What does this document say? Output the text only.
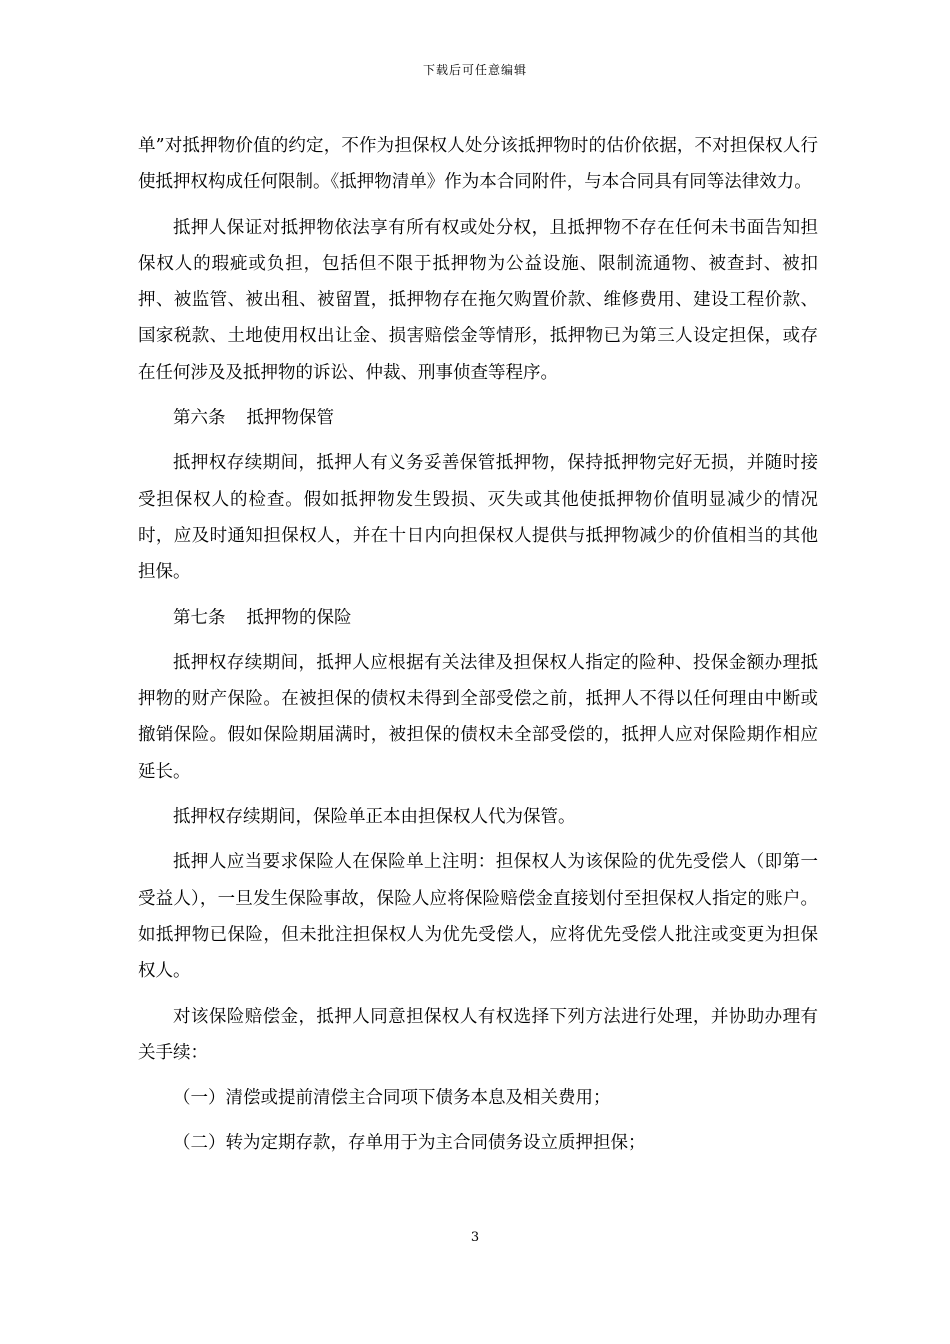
下载后可任意编辑

单”对抵押物价值的约定，不作为担保权人处分该抵押物时的估价依据，不对担保权人行使抵押权构成任何限制。《抵押物清单》作为本合同附件，与本合同具有同等法律效力。

抵押人保证对抵押物依法享有所有权或处分权，且抵押物不存在任何未书面告知担保权人的瑕疵或负担，包括但不限于抵押物为公益设施、限制流通物、被查封、被扣押、被监管、被出租、被留置，抵押物存在拖欠购置价款、维修费用、建设工程价款、国家税款、土地使用权出让金、损害赔偿金等情形，抵押物已为第三人设定担保，或存在任何涉及及抵押物的诉讼、仲裁、刑事侦查等程序。

第六条 抵押物保管

抵押权存续期间，抵押人有义务妥善保管抵押物，保持抵押物完好无损，并随时接受担保权人的检查。假如抵押物发生毁损、灭失或其他使抵押物价值明显减少的情况时，应及时通知担保权人，并在十日内向担保权人提供与抵押物减少的价值相当的其他担保。

第七条 抵押物的保险

抵押权存续期间，抵押人应根据有关法律及担保权人指定的险种、投保金额办理抵押物的财产保险。在被担保的债权未得到全部受偿之前，抵押人不得以任何理由中断或撤销保险。假如保险期届满时，被担保的债权未全部受偿的，抵押人应对保险期作相应延长。

抵押权存续期间，保险单正本由担保权人代为保管。

抵押人应当要求保险人在保险单上注明：担保权人为该保险的优先受偿人（即第一受益人），一旦发生保险事故，保险人应将保险赔偿金直接划付至担保权人指定的账户。如抵押物已保险，但未批注担保权人为优先受偿人，应将优先受偿人批注或变更为担保权人。

对该保险赔偿金，抵押人同意担保权人有权选择下列方法进行处理，并协助办理有关手续：

（一）清偿或提前清偿主合同项下债务本息及相关费用；

（二）转为定期存款，存单用于为主合同债务设立质押担保；

3
